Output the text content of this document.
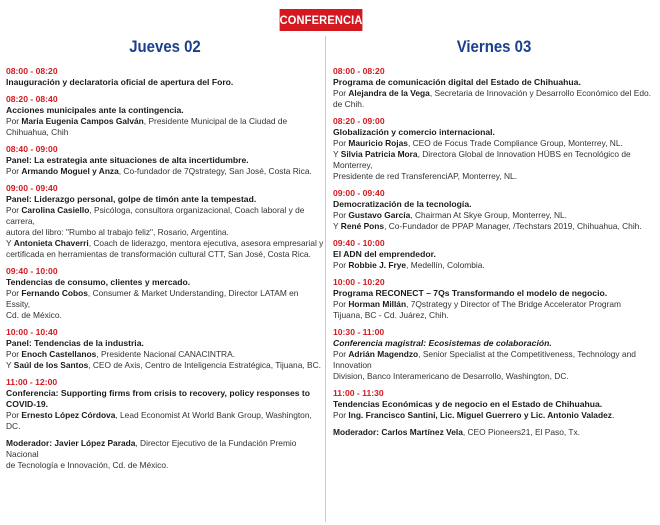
CONFERENCIAS
Jueves 02
08:00 - 08:20
Inauguración y declaratoria oficial de apertura del Foro.
08:20 - 08:40
Acciones municipales ante la contingencia.
Por María Eugenia Campos Galván, Presidente Municipal de la Ciudad de Chihuahua, Chih
08:40 - 09:00
Panel: La estrategia ante situaciones de alta incertidumbre.
Por Armando Moguel y Anza, Co-fundador de 7Qstrategy, San José, Costa Rica.
09:00 - 09:40
Panel: Liderazgo personal, golpe de timón ante la tempestad.
Por Carolina Casiello, Psicóloga, consultora organizacional, Coach laboral y de carrera,
autora del libro: "Rumbo al trabajo feliz", Rosario, Argentina.
Y Antonieta Chaverri, Coach de liderazgo, mentora ejecutiva, asesora empresarial y
certificada en herramientas de transformación cultural CTT, San José, Costa Rica.
09:40 - 10:00
Tendencias de consumo, clientes y mercado.
Por Fernando Cobos, Consumer & Market Understanding, Director LATAM en Essity,
Cd. de México.
10:00 - 10:40
Panel: Tendencias de la industria.
Por Enoch Castellanos, Presidente Nacional CANACINTRA.
Y Saúl de los Santos, CEO de Axis, Centro de Inteligencia Estratégica, Tijuana, BC.
11:00 - 12:00
Conferencia: Supporting firms from crisis to recovery, policy responses to COVID-19.
Por Ernesto López Córdova, Lead Economist At World Bank Group, Washington, DC.
Moderador: Javier López Parada, Director Ejecutivo de la Fundación Premio Nacional
de Tecnología e Innovación, Cd. de México.
Viernes 03
08:00 - 08:20
Programa de comunicación digital del Estado de Chihuahua.
Por Alejandra de la Vega, Secretaria de Innovación y Desarrollo Económico del Edo. de Chih.
08:20 - 09:00
Globalización y comercio internacional.
Por Mauricio Rojas, CEO de Focus Trade Compliance Group, Monterrey, NL.
Y Silvia Patricia Mora, Directora Global de Innovation HÜBS en Tecnológico de Monterrey,
Presidente de red TransferenciAP, Monterrey, NL.
09:00 - 09:40
Democratización de la tecnología.
Por Gustavo García, Chairman At Skye Group, Monterrey, NL.
Y René Pons, Co-Fundador de PPAP Manager, /Techstars 2019, Chihuahua, Chih.
09:40 - 10:00
El ADN del emprendedor.
Por Robbie J. Frye, Medellín, Colombia.
10:00 - 10:20
Programa RECONECT – 7Qs Transformando el modelo de negocio.
Por Horman Millán, 7Qstrategy y Director of The Bridge Accelerator Program
Tijuana, BC - Cd. Juárez, Chih.
10:30 - 11:00
Conferencia magistral: Ecosistemas de colaboración.
Por Adrián Magendzo, Senior Specialist at the Competitiveness, Technology and Innovation
Division, Banco Interamericano de Desarrollo, Washington, DC.
11:00 - 11:30
Tendencias Económicas y de negocio en el Estado de Chihuahua.
Por Ing. Francisco Santini, Lic. Miguel Guerrero y Lic. Antonio Valadez.
Moderador: Carlos Martínez Vela, CEO Pioneers21, El Paso, Tx.
